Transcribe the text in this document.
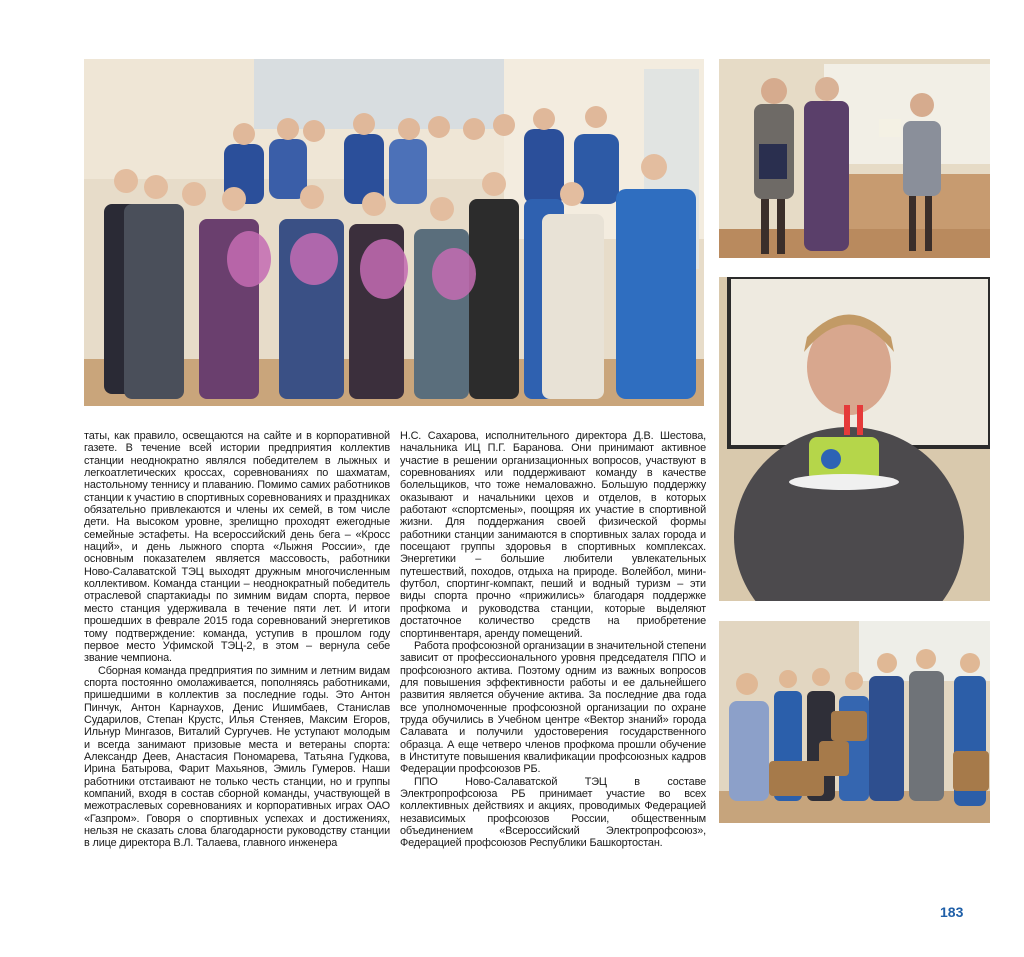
таты, как правило, освещаются на сайте и в корпоративной газете. В течение всей истории предприятия коллектив станции неоднократно являлся победителем в лыжных и легкоатлетических кроссах, соревнованиях по шахматам, настольному теннису и плаванию. Помимо самих работников станции к участию в спортивных соревнованиях и праздниках обязательно привлекаются и члены их семей, в том числе дети. На высоком уровне, зрелищно проходят ежегодные семейные эстафеты. На всероссийский день бега – «Кросс наций», и день лыжного спорта «Лыжня России», где основным показателем является массовость, работники Ново-Салаватской ТЭЦ выходят дружным многочисленным коллективом. Команда станции – неоднократный победитель отраслевой спартакиады по зимним видам спорта, первое место станция удерживала в течение пяти лет. И итоги прошедших в феврале 2015 года соревнований энергетиков тому подтверждение: команда, уступив в прошлом году первое место Уфимской ТЭЦ-2, в этом – вернула себе звание чемпиона.

Сборная команда предприятия по зимним и летним видам спорта постоянно омолаживается, пополняясь работниками, пришедшими в коллектив за последние годы. Это Антон Пинчук, Антон Карнаухов, Денис Ишимбаев, Станислав Сударилов, Степан Крустс, Илья Стеняев, Максим Егоров, Ильнур Мингазов, Виталий Сургучев. Не уступают молодым и всегда занимают призовые места и ветераны спорта: Александр Деев, Анастасия Пономарева, Татьяна Гудкова, Ирина Батырова, Фарит Махьянов, Эмиль Гумеров. Наши работники отстаивают не только честь станции, но и группы компаний, входя в состав сборной команды, участвующей в межотраслевых соревнованиях и корпоративных играх ОАО «Газпром». Говоря о спортивных успехах и достижениях, нельзя не сказать слова благодарности руководству станции в лице директора В.Л. Талаева, главного инженера

Н.С. Сахарова, исполнительного директора Д.В. Шестова, начальника ИЦ П.Г. Баранова. Они принимают активное участие в решении организационных вопросов, участвуют в соревнованиях или поддерживают команду в качестве болельщиков, что тоже немаловажно. Большую поддержку оказывают и начальники цехов и отделов, в которых работают «спортсмены», поощряя их участие в спортивной жизни. Для поддержания своей физической формы работники станции занимаются в спортивных залах города и посещают группы здоровья в спортивных комплексах. Энергетики – большие любители увлекательных путешествий, походов, отдыха на природе. Волейбол, мини-футбол, спортинг-компакт, пеший и водный туризм – эти виды спорта прочно «прижились» благодаря поддержке профкома и руководства станции, которые выделяют достаточное количество средств на приобретение спортинвентаря, аренду помещений.

Работа профсоюзной организации в значительной степени зависит от профессионального уровня председателя ППО и профсоюзного актива. Поэтому одним из важных вопросов для повышения эффективности работы и ее дальнейшего развития является обучение актива. За последние два года все уполномоченные профсоюзной организации по охране труда обучились в Учебном центре «Вектор знаний» города Салавата и получили удостоверения государственного образца. А еще четверо членов профкома прошли обучение в Институте повышения квалификации профсоюзных кадров Федерации профсоюзов РБ.

ППО Ново-Салаватской ТЭЦ в составе Электропрофсоюза РБ принимает участие во всех коллективных действиях и акциях, проводимых Федерацией независимых профсоюзов России, общественным объединением «Всероссийский Электропрофсоюз», Федерацией профсоюзов Республики Башкортостан.

183
